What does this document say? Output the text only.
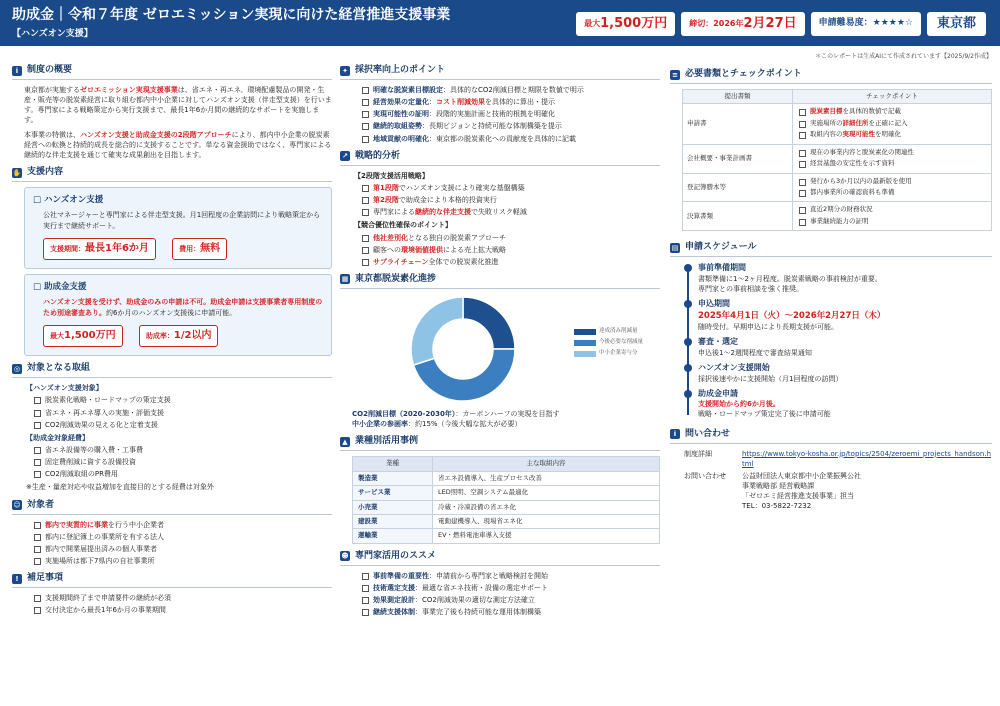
助成金｜令和７年度 ゼロエミッション実現に向けた経営推進支援事業
【ハンズオン支援】
最大 1,500万円	締切：2026年 2月27日	申請難易度：★★★★☆	東京都
＊このレポートは生成AIにて作成されています【2025/9/2作成】
i 制度の概要

東京都が実施するゼロエミッション実現支援事業は、省エネ・再エネ、環境配慮製品の開発・生産・販売等の脱炭素経営に取り組む都内中小企業に対してハンズオン支援（伴走型支援）を行います。専門家による戦略策定から実行支援まで、最長1年6か月間の継続的なサポートを実施します。

本事業の特徴は、ハンズオン支援と助成金支援の2段階アプローチにより、都内中小企業の脱炭素経営への転換と持続的成長を総合的に支援することです。単なる資金援助ではなく、専門家による継続的な伴走支援を通じて確実な成果創出を目指します。

✋ 支援内容
□ ハンズオン支援

公社マネージャーと専門家による伴走型支援。月1回程度の企業訪問により戦略策定から実行まで継続サポート。

支援期間：最長1年6か月	費用：無料
□ 助成金支援

ハンズオン支援を受けず、助成金のみの申請は不可。助成金申請は支援事業者専用制度のため別途審査あり。約6か月のハンズオン支援後に申請可能。

最大1,500万円	助成率：1/2以内
◎ 対象となる取組
【ハンズオン支援対象】
脱炭素化戦略・ロードマップの策定支援
省エネ・再エネ導入の実施・評価支援
CO2削減効果の見える化と定着支援
【助成金対象経費】
省エネ設備等の購入費・工事費
固定費削減に資する設備投資
CO2削減取組のPR費用
※生産・量産対応や収益増加を直接目的とする経費は対象外
☺ 対象者
都内で実質的に事業を行う中小企業者
都内に登記簿上の事業所を有する法人
都内で開業届提出済みの個人事業者
実施場所は都下7県内の自社事業所
! 補足事項
支援期間終了まで申請要件の継続が必須
交付決定から最長1年6か月の事業期間
✦ 採択率向上のポイント
明確な脱炭素目標設定：具体的なCO2削減目標と期限を数値で明示
経営効果の定量化：コスト削減効果を具体的に算出・提示
実現可能性の証明：段階的実施計画と技術的根拠を明確化
継続的取組姿勢：長期ビジョンと持続可能な体制構築を提示
地域貢献の明確化：東京都の脱炭素化への貢献度を具体的に記載
↗ 戦略的分析
【2段階支援活用戦略】
第1段階でハンズオン支援により確実な基盤構築
第2段階で助成金により本格的投資実行
専門家による継続的な伴走支援で失敗リスク軽減
【競合優位性確保のポイント】
他社差別化となる独自の脱炭素アプローチ
顧客への環境価値提供による売上拡大戦略
サプライチェーン全体での脱炭素化推進
▦ 東京都脱炭素化進捗
達成済み削減量
今後必要な削減量
中小企業寄与分
CO2削減目標（2020-2030年）：カーボンハーフの実現を目指す
中小企業の参画率：約15%（今後大幅な拡大が必要）
▲ 業種別活用事例
業種	主な取組内容
製造業	省エネ設備導入、生産プロセス改善
サービス業	LED照明、空調システム最適化
小売業	冷蔵・冷凍設備の省エネ化
建設業	電動建機導入、現場省エネ化
運輸業	EV・燃料電池車導入支援
☻ 専門家活用のススメ
事前準備の重要性：申請前から専門家と戦略検討を開始
技術選定支援：最適な省エネ技術・設備の選定サポート
効果測定設計：CO2削減効果の適切な測定方法確立
継続支援体制：事業完了後も持続可能な運用体制構築
≡ 必要書類とチェックポイント
提出書類	チェックポイント
申請書	脱炭素目標を具体的数値で記載
実施場所の詳細住所を正確に記入
取組内容の実現可能性を明確化

会社概要・事業計画書	現在の事業内容と脱炭素化の関連性
経営基盤の安定性を示す資料

登記簿謄本等	発行から3か月以内の最新版を使用
都内事業所の確認資料も準備

決算書類	直近2期分の財務状況
事業継続能力の証明
▤ 申請スケジュール
事前準備期間
書類準備に1〜2ヶ月程度。脱炭素戦略の事前検討が重要。
専門家との事前相談を強く推奨。
申込期間
2025年4月1日（火）〜2026年2月27日（木）
随時受付。早期申込により長期支援が可能。
審査・選定
申込後1〜2週間程度で審査結果通知
ハンズオン支援開始
採択後速やかに支援開始（月1回程度の訪問）
助成金申請
支援開始から約6か月後。
戦略・ロードマップ策定完了後に申請可能
i 問い合わせ
制度詳細	https://www.tokyo-kosha.or.jp/topics/2504/zeroemi_projects_handson.html
お問い合わせ	公益財団法人東京都中小企業振興公社
事業戦略部 経営戦略課
「ゼロエミ経営推進支援事業」担当
TEL：03-5822-7232
